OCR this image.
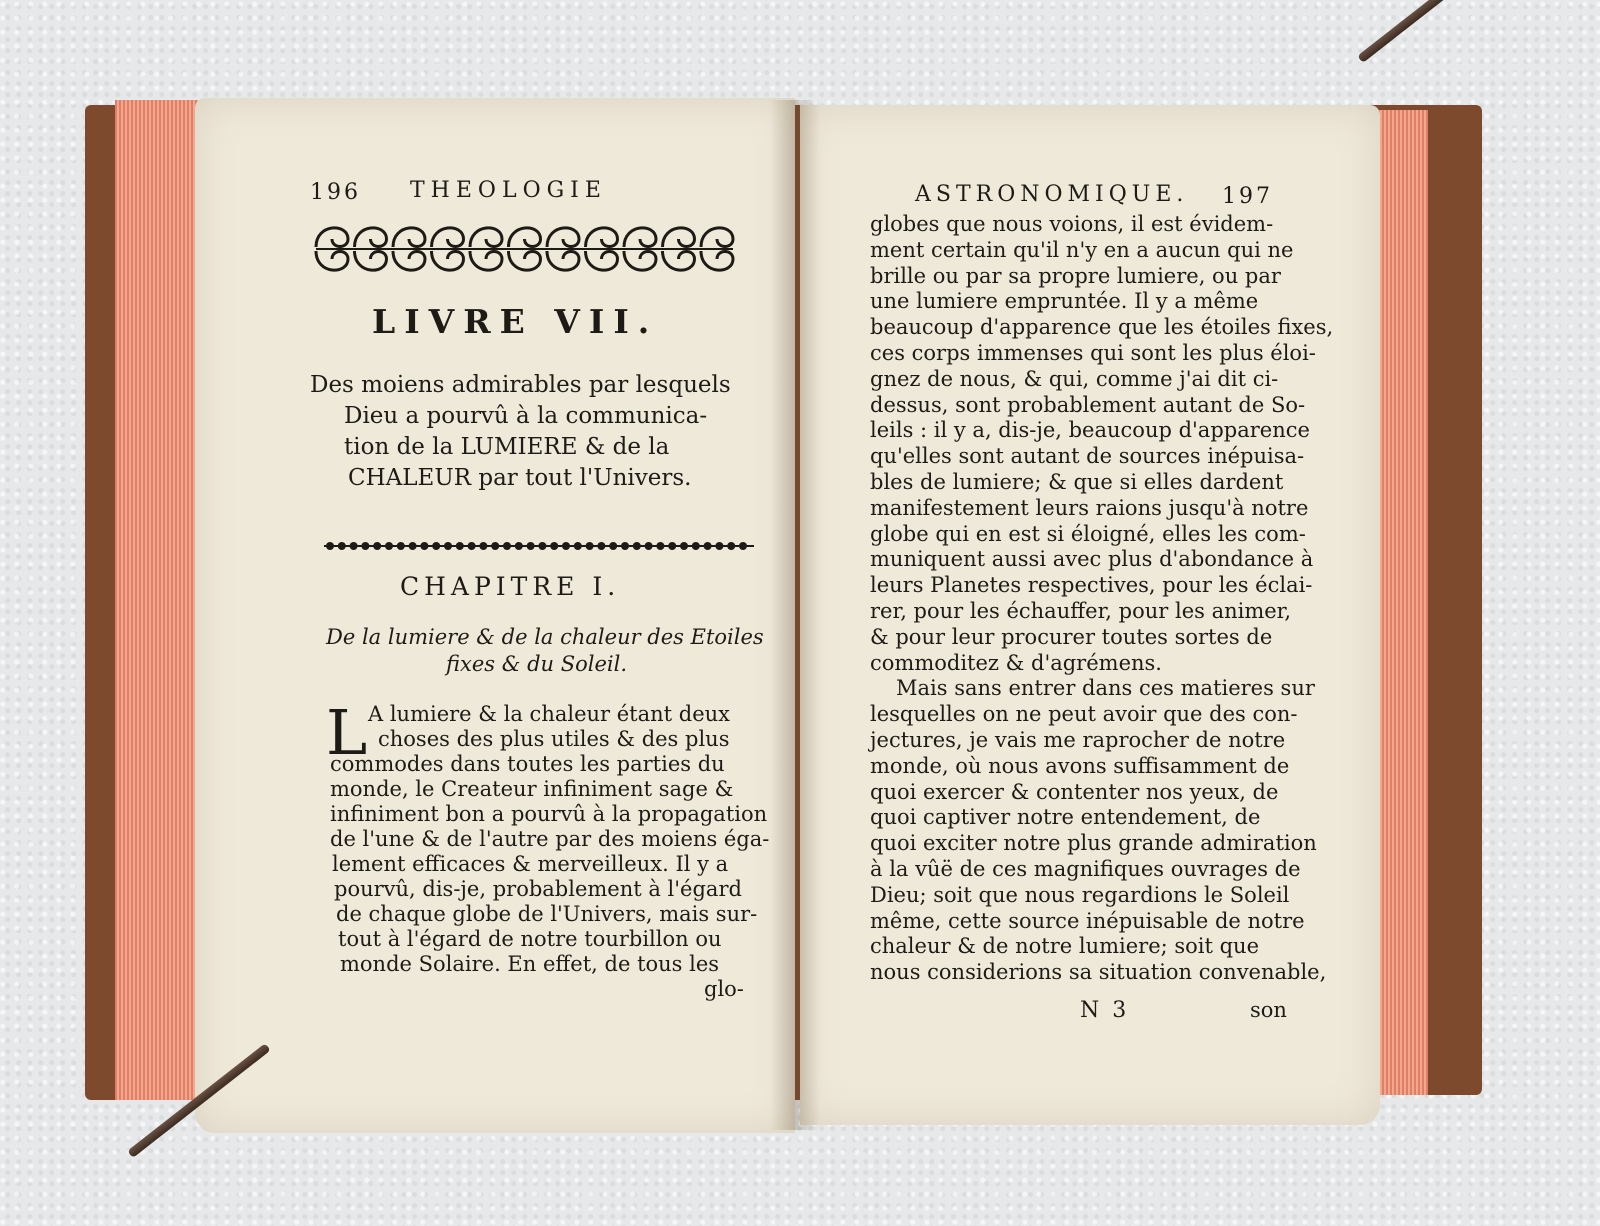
196 THEOLOGIE
LIVRE VII.
Des moiens admirables par lesquels
Dieu a pourvû à la communica-
tion de la LUMIERE & de la
CHALEUR par tout l'Univers.
CHAPITRE I.
De la lumiere & de la chaleur des Etoiles
fixes & du Soleil.
L A lumiere & la chaleur étant deux
choses des plus utiles & des plus
commodes dans toutes les parties du
monde, le Createur infiniment sage &
infiniment bon a pourvû à la propagation
de l'une & de l'autre par des moiens éga-
lement efficaces & merveilleux. Il y a
pourvû, dis-je, probablement à l'égard
de chaque globe de l'Univers, mais sur-
tout à l'égard de notre tourbillon ou
monde Solaire. En effet, de tous les
glo-
ASTRONOMIQUE. 197
globes que nous voions, il est évidem-
ment certain qu'il n'y en a aucun qui ne
brille ou par sa propre lumiere, ou par
une lumiere empruntée. Il y a même
beaucoup d'apparence que les étoiles fixes,
ces corps immenses qui sont les plus éloi-
gnez de nous, & qui, comme j'ai dit ci-
dessus, sont probablement autant de So-
leils : il y a, dis-je, beaucoup d'apparence
qu'elles sont autant de sources inépuisa-
bles de lumiere; & que si elles dardent
manifestement leurs raions jusqu'à notre
globe qui en est si éloigné, elles les com-
muniquent aussi avec plus d'abondance à
leurs Planetes respectives, pour les éclai-
rer, pour les échauffer, pour les animer,
& pour leur procurer toutes sortes de
commoditez & d'agrémens.
Mais sans entrer dans ces matieres sur
lesquelles on ne peut avoir que des con-
jectures, je vais me raprocher de notre
monde, où nous avons suffisamment de
quoi exercer & contenter nos yeux, de
quoi captiver notre entendement, de
quoi exciter notre plus grande admiration
à la vûë de ces magnifiques ouvrages de
Dieu; soit que nous regardions le Soleil
même, cette source inépuisable de notre
chaleur & de notre lumiere; soit que
nous considerions sa situation convenable,
N 3	son
